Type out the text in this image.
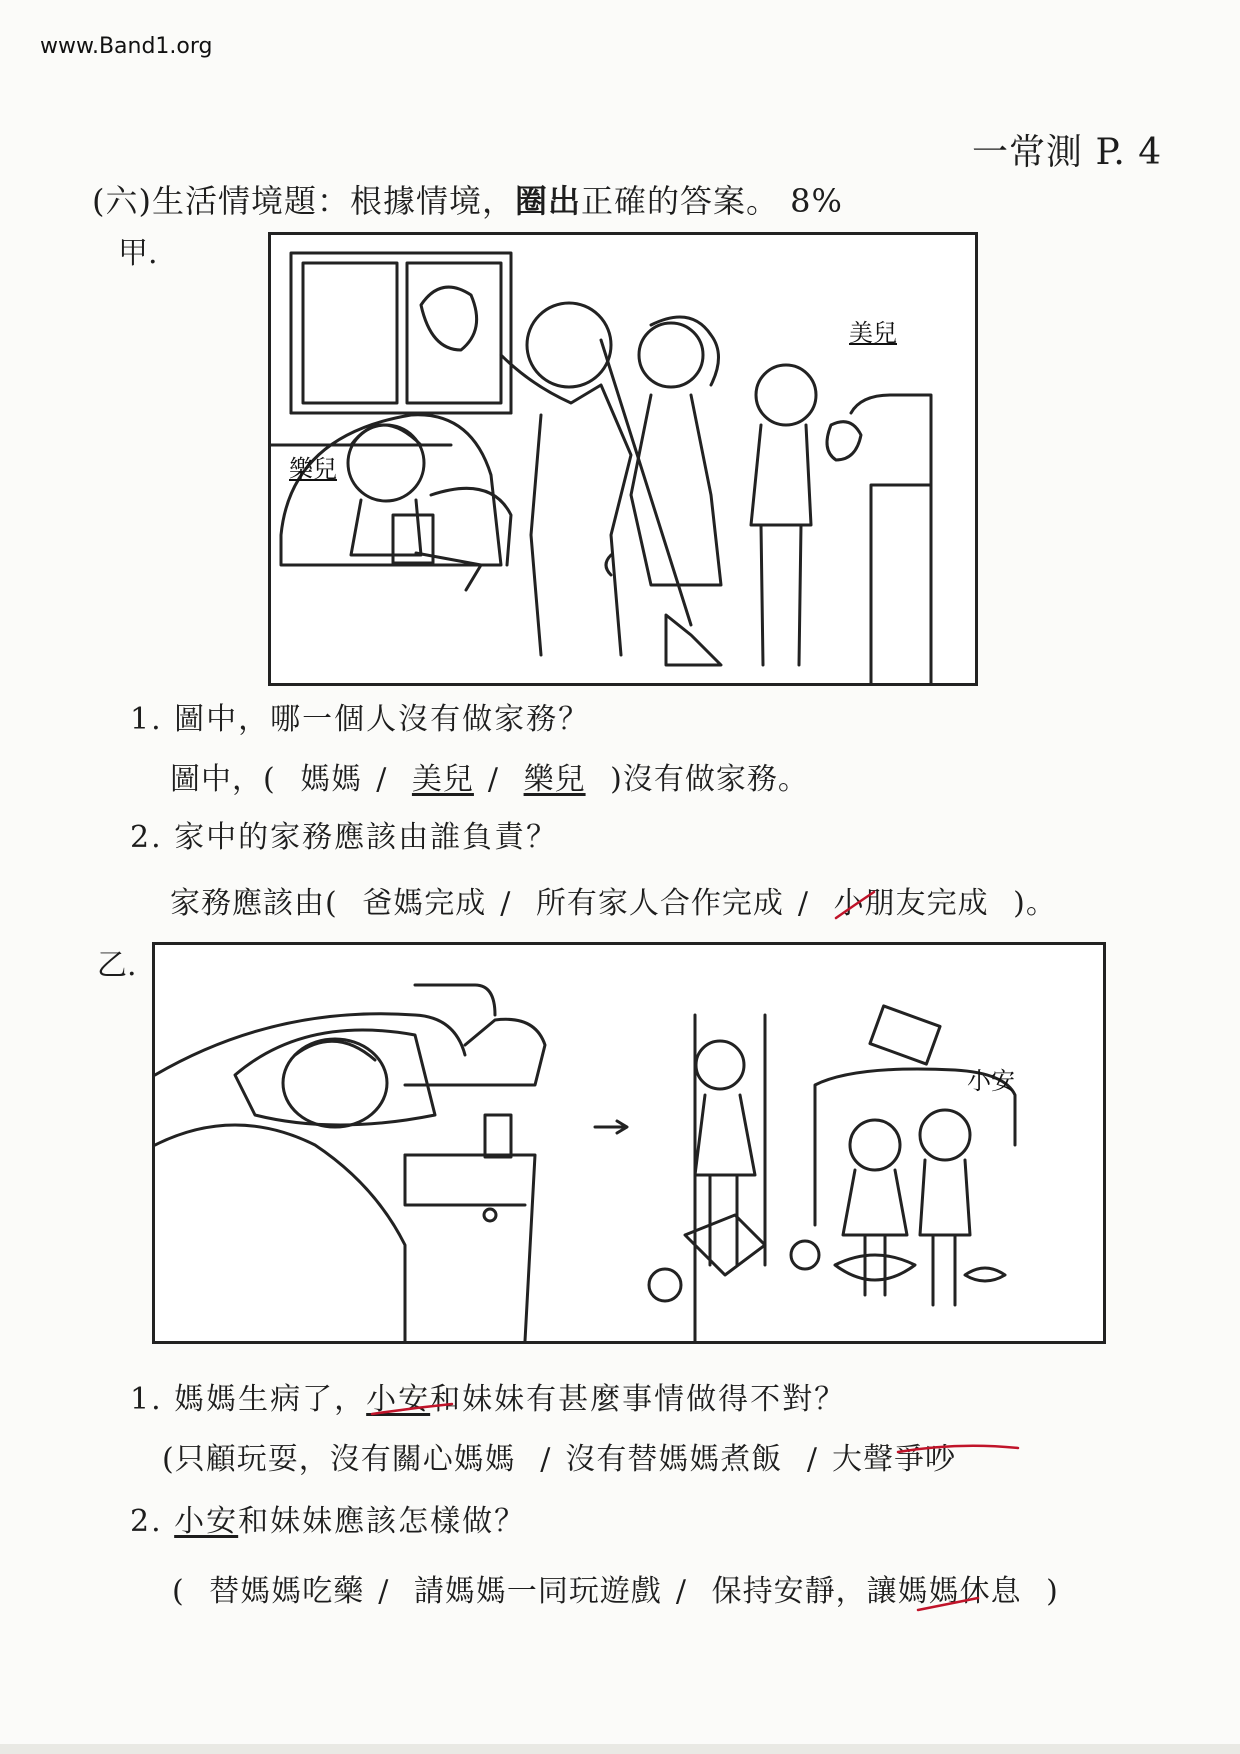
www.Band1.org
一常測 P. 4
(六)生活情境題：根據情境，圈出正確的答案。 8%
甲.
樂兒
美兒
1. 圖中，哪一個人沒有做家務？
圖中，( 媽媽 / 美兒 / 樂兒 )沒有做家務。
2. 家中的家務應該由誰負責？
家務應該由( 爸媽完成 / 所有家人合作完成 / 小朋友完成 )。
乙.
小安
1. 媽媽生病了，小安和妹妹有甚麼事情做得不對？
(只顧玩耍，沒有關心媽媽 / 沒有替媽媽煮飯 / 大聲爭吵
2. 小安和妹妹應該怎樣做？
( 替媽媽吃藥 / 請媽媽一同玩遊戲 / 保持安靜，讓媽媽休息 )
